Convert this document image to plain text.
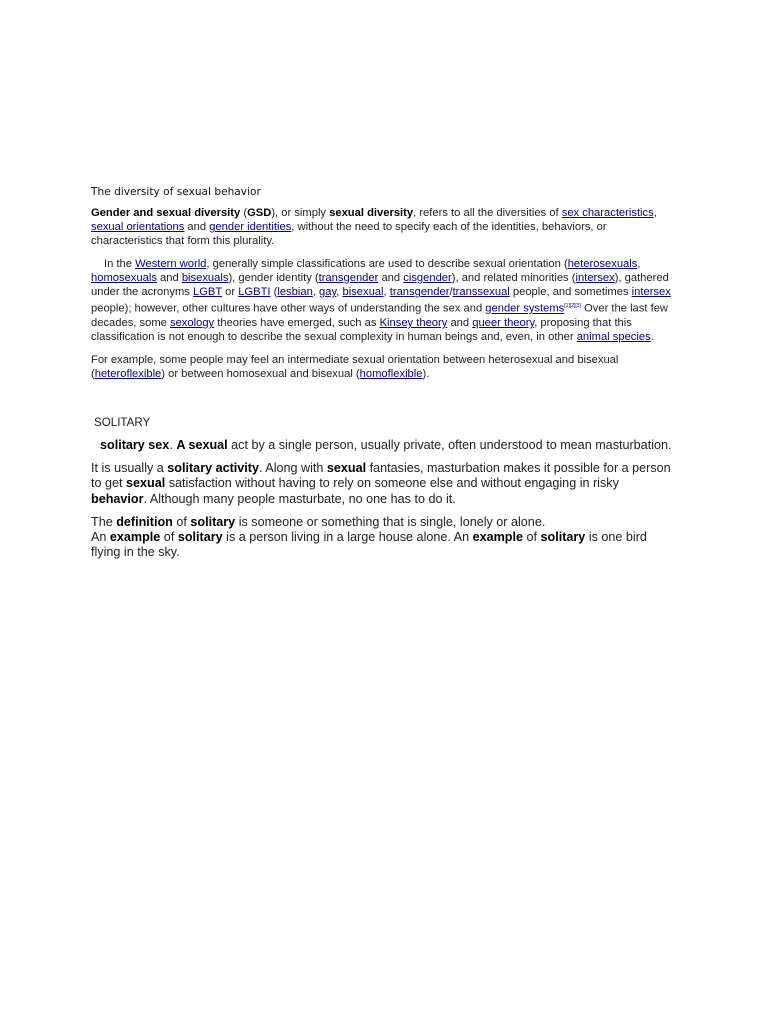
The diversity of sexual behavior

Gender and sexual diversity (GSD), or simply sexual diversity, refers to all the diversities of sex characteristics, sexual orientations and gender identities, without the need to specify each of the identities, behaviors, or characteristics that form this plurality.

In the Western world, generally simple classifications are used to describe sexual orientation (heterosexuals, homosexuals and bisexuals), gender identity (transgender and cisgender), and related minorities (intersex), gathered under the acronyms LGBT or LGBTI (lesbian, gay, bisexual, transgender/transsexual people, and sometimes intersex people); however, other cultures have other ways of understanding the sex and gender systems[1][2][3] Over the last few decades, some sexology theories have emerged, such as Kinsey theory and queer theory, proposing that this classification is not enough to describe the sexual complexity in human beings and, even, in other animal species.

For example, some people may feel an intermediate sexual orientation between heterosexual and bisexual (heteroflexible) or between homosexual and bisexual (homoflexible).

SOLITARY

solitary sex. A sexual act by a single person, usually private, often understood to mean masturbation.

It is usually a solitary activity. Along with sexual fantasies, masturbation makes it possible for a person to get sexual satisfaction without having to rely on someone else and without engaging in risky behavior. Although many people masturbate, no one has to do it.

The definition of solitary is someone or something that is single, lonely or alone.
An example of solitary is a person living in a large house alone. An example of solitary is one bird flying in the sky.
